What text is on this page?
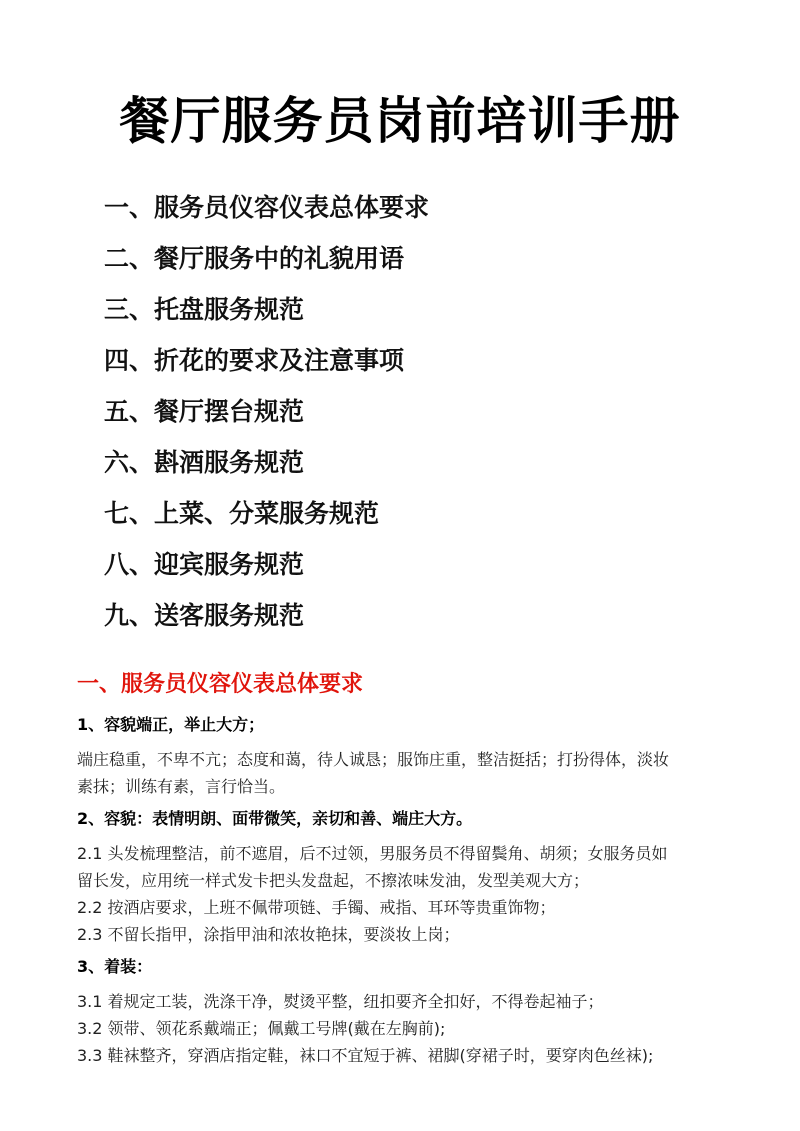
餐厅服务员岗前培训手册
一、服务员仪容仪表总体要求
二、餐厅服务中的礼貌用语
三、托盘服务规范
四、折花的要求及注意事项
五、餐厅摆台规范
六、斟酒服务规范
七、上菜、分菜服务规范
八、迎宾服务规范
九、送客服务规范
一、服务员仪容仪表总体要求
1、容貌端正，举止大方；
端庄稳重，不卑不亢；态度和蔼，待人诚恳；服饰庄重，整洁挺括；打扮得体，淡妆
素抹；训练有素，言行恰当。
2、容貌：表情明朗、面带微笑，亲切和善、端庄大方。
2.1 头发梳理整洁，前不遮眉，后不过领，男服务员不得留鬓角、胡须；女服务员如
留长发，应用统一样式发卡把头发盘起，不擦浓味发油，发型美观大方；
2.2 按酒店要求，上班不佩带项链、手镯、戒指、耳环等贵重饰物；
2.3 不留长指甲，涂指甲油和浓妆艳抹，要淡妆上岗；
3、着装：
3.1 着规定工装，洗涤干净，熨烫平整，纽扣要齐全扣好，不得卷起袖子；
3.2 领带、领花系戴端正；佩戴工号牌(戴在左胸前);
3.3 鞋袜整齐，穿酒店指定鞋，袜口不宜短于裤、裙脚(穿裙子时，要穿肉色丝袜);
